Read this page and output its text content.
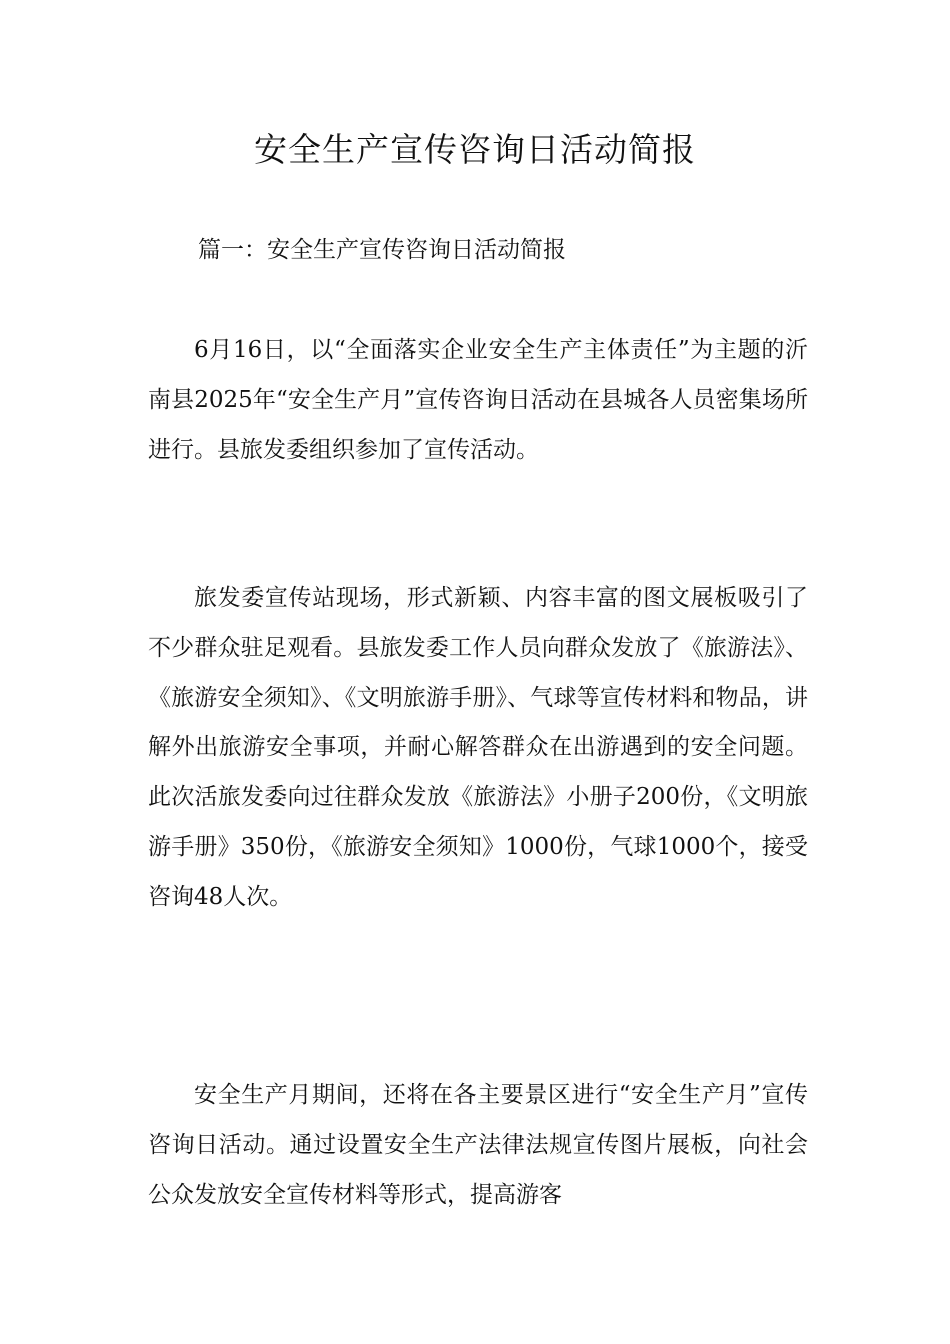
安全生产宣传咨询日活动简报

篇一：安全生产宣传咨询日活动简报

6月16日，以“全面落实企业安全生产主体责任”为主题的沂南县2025年“安全生产月”宣传咨询日活动在县城各人员密集场所进行。县旅发委组织参加了宣传活动。

旅发委宣传站现场，形式新颖、内容丰富的图文展板吸引了不少群众驻足观看。县旅发委工作人员向群众发放了《旅游法》、《旅游安全须知》、《文明旅游手册》、气球等宣传材料和物品，讲解外出旅游安全事项，并耐心解答群众在出游遇到的安全问题。此次活旅发委向过往群众发放《旅游法》小册子200份，《文明旅游手册》350份，《旅游安全须知》1000份，气球1000个，接受咨询48人次。

安全生产月期间，还将在各主要景区进行“安全生产月”宣传咨询日活动。通过设置安全生产法律法规宣传图片展板，向社会公众发放安全宣传材料等形式，提高游客
